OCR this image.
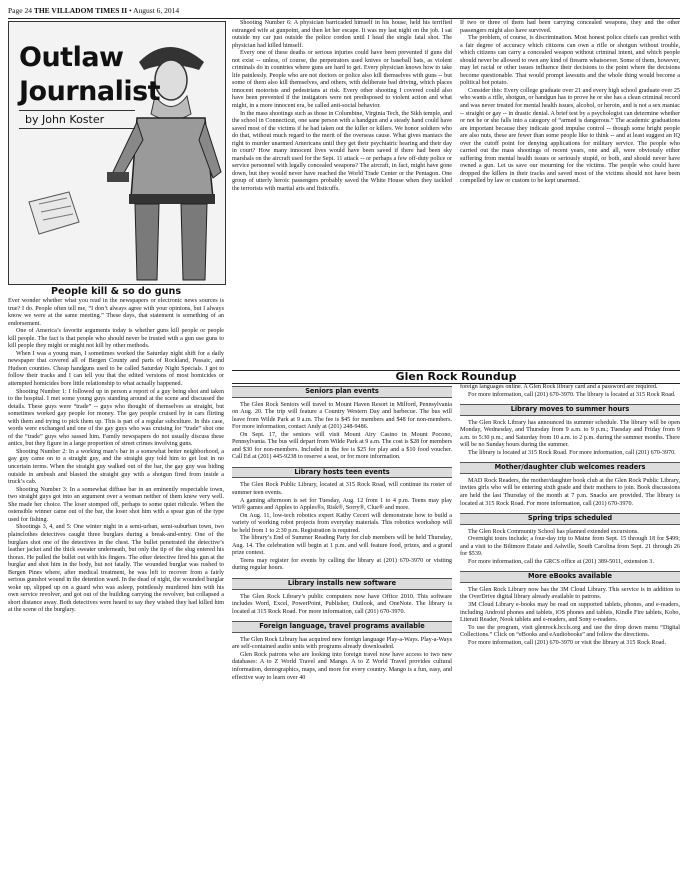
Page 24 THE VILLADOM TIMES II • August 6, 2014
Outlaw
Journalist
by John Koster
People kill & so do guns

Ever wonder whether what you read in the newspapers or electronic news sources is true? I do. People often tell me, “I don’t always agree with your opinions, but I always know we were at the same meeting.” These days, that statement is something of an endorsement.

One of America’s favorite arguments today is whether guns kill people or people kill people. The fact is that people who should never be trusted with a gun use guns to kill people they might or might not kill by other methods.

When I was a young man, I sometimes worked the Saturday night shift for a daily newspaper that covered all of Bergen County and parts of Rockland, Passaic, and Hudson counties. Cheap handguns used to be called Saturday Night Specials. I got to follow their tracks and I can tell you that the edited versions of most homicides or attempted homicides bore little relationship to what actually happened.

Shooting Number 1: I followed up in person a report of a guy being shot and taken to the hospital. I met some young guys standing around at the scene and discussed the details. These guys were “trade” -- guys who thought of themselves as straight, but sometimes worked gay people for money. The gay people cruised by in cars flirting with them and trying to pick them up. This is part of a regular subculture. In this case, words were exchanged and one of the gay guys who was cruising for “trade” shot one of the “trade” guys who sassed him. Family newspapers do not usually discuss these antics, but they figure in a large proportion of street crimes involving guns.

Shooting Number 2: In a working man’s bar in a somewhat better neighborhood, a gay guy came on to a straight guy, and the straight guy told him to get lost in no uncertain terms. When the straight guy walked out of the bar, the gay guy was hiding outside in ambush and blasted the straight guy with a shotgun fired from inside a truck’s cab.

Shooting Number 3: In a somewhat diffuse bar in an eminently respectable town, two straight guys got into an argument over a woman neither of them knew very well. She made her choice. The loser stomped off, perhaps to some quiet ridicule. When the ostensible winner came out of the bar, the loser shot him with a spear gun of the type used for fishing.

Shootings 3, 4, and 5: One winter night in a semi-urban, semi-suburban town, two plainclothes detectives caught three burglars during a break-and-entry. One of the burglars shot one of the detectives in the chest. The bullet penetrated the detective’s leather jacket and the thick sweater underneath, but only the tip of the slug entered his thorax. He pulled the bullet out with his fingers. The other detective fired his gun at the burglar and shot him in the body, but not fatally. The wounded burglar was rushed to Bergen Pines where, after medical treatment, he was left to recover from a fairly serious gunshot wound in the detention ward. In the dead of night, the wounded burglar woke up, slipped up on a guard who was asleep, pointlessly murdered him with his own service revolver, and got out of the building carrying the revolver, but collapsed a short distance away. Both detectives were heard to say they wished they had killed him at the scene of the burglary.

Shooting Number 6: A physician barricaded himself in his house, held his terrified estranged wife at gunpoint, and then let her escape. It was my last night on the job. I sat outside my car just outside the police cordon until I head the single fatal shot. The physician had killed himself.

Every one of these deaths or serious injuries could have been prevented if guns did not exist -- unless, of course, the perpetrators used knives or baseball bats, as violent criminals do in countries where guns are hard to get. Every physician knows how to take life painlessly. People who are not doctors or police also kill themselves with guns -- but some of them also kill themselves, and others, with deliberate bad driving, which places innocent motorists and pedestrians at risk. Every other shooting I covered could also have been prevented if the instigators were not predisposed to violent action and what might, in a more innocent era, be called anti-social behavior.

In the mass shootings such as those in Columbine, Virginia Tech, the Sikh temple, and the school in Connecticut, one sane person with a handgun and a steady hand could have saved most of the victims if he had taken out the killer or killers. We honor soldiers who do that, without much regard to the merit of the overseas cause. What gives maniacs the right to murder unarmed Americans until they get their psychiatric hearing and their day in court? How many innocent lives would have been saved if there had been sky marshals on the aircraft used for the Sept. 11 attack -- or perhaps a few off-duty police or service personnel with legally concealed weapons? The aircraft, in fact, might have gone down, but they would never have reached the World Trade Center or the Pentagon. One group of utterly heroic passengers probably saved the White House when they tackled the terrorists with martial arts and fisticuffs.

If two or three of them had been carrying concealed weapons, they and the other passengers might also have survived.

The problem, of course, is discrimination. Most honest police chiefs can predict with a fair degree of accuracy which citizens can own a rifle or shotgun without trouble, which citizens can carry a concealed weapon without criminal intent, and which people should never be allowed to own any kind of firearm whatsoever. Some of them, however, may let racial or other issues influence their decisions to the point where the decisions become questionable. That would prompt lawsuits and the whole thing would become a political hot potato.

Consider this: Every college graduate over 21 and every high school graduate over 25 who wants a rifle, shotgun, or handgun has to prove he or she has a clean criminal record and was never treated for mental health issues, alcohol, or heroin, and is not a sex maniac -- straight or gay -- in drastic denial. A brief test by a psychologist can determine whether or not he or she falls into a category of “armed is dangerous.” The academic graduations are important because they indicate good impulse control -- though some bright people are also nuts, these are fewer than some people like to think -- and at least suggest an IQ over the cutoff point for denying applications for military service. The people who carried out the mass shootings of recent years, one and all, were obviously either suffering from mental health issues or seriously stupid, or both, and should never have owned a gun. Let us save our mourning for the victims. The people who could have dropped the killers in their tracks and saved most of the victims should not have been compelled by law or custom to be kept unarmed.

Glen Rock Roundup
Seniors plan events

The Glen Rock Seniors will travel to Mount Haven Resort in Milford, Pennsylvania on Aug. 20. The trip will feature a Country Western Day and barbecue. The bus will leave from Wilde Park at 9 a.m. The fee is $45 for members and $48 for non-members. For more information, contact Andy at (201) 248-9486.

On Sept. 17, the seniors will visit Mount Airy Casino in Mount Pocono, Pennsylvania. The bus will depart from Wilde Park at 9 a.m. The cost is $28 for members and $30 for non-members. Included in the fee is $25 for play and a $10 food voucher. Call Ed at (201) 445-9238 to reserve a seat, or for more information.

Library hosts teen events

The Glen Rock Public Library, located at 315 Rock Road, will continue its roster of summer teen events.

A gaming afternoon is set for Tuesday, Aug. 12 from 1 to 4 p.m. Teens may play Wii® games and Apples to Apples®s, Risk®, Sorry®, Clue® and more.

On Aug. 11, low-tech robotics expert Kathy Ceceri will demonstrate how to build a variety of working robot projects from everyday materials. This robotics workshop will be held from 1 to 2:30 p.m. Registration is required.

The library’s End of Summer Reading Party for club members will be held Thursday, Aug. 14. The celebration will begin at 1 p.m. and will feature food, prizes, and a grand prize contest.

Teens may register for events by calling the library at (201) 670-3970 or visiting during regular hours.

Library installs new software

The Glen Rock Library’s public computers now have Office 2010. This software includes Word, Excel, PowerPoint, Publisher, Outlook, and OneNote. The library is located at 315 Rock Road. For more information, call (201) 670-3970.

Foreign language, travel programs available

The Glen Rock Library has acquired new foreign language Play-a-Ways. Play-a-Ways are self-contained audio units with programs already downloaded.

Glen Rock patrons who are looking into foreign travel now have access to two new databases: A to Z World Travel and Mango. A to Z World Travel provides cultural information, demographics, maps, and more for every country. Mango is a fun, easy, and effective way to learn over 40

foreign languages online. A Glen Rock library card and a password are required.

For more information, call (201) 670-3970. The library is located at 315 Rock Road.

Library moves to summer hours

The Glen Rock Library has announced its summer schedule. The library will be open Monday, Wednesday, and Thursday from 9 a.m. to 9 p.m.; Tuesday and Friday from 9 a.m. to 5:30 p.m.; and Saturday from 10 a.m. to 2 p.m. during the summer months. There will be no Sunday hours during the summer.

The library is located at 315 Rock Road. For more information, call (201) 670-3970.

Mother/daughter club welcomes readers

MAD Rock Readers, the mother/daughter book club at the Glen Rock Public Library, invites girls who will be entering sixth grade and their mothers to join. Book discussions are held the last Thursday of the month at 7 p.m. Snacks are provided. The library is located at 315 Rock Road. For more information, call (201) 670-3970.

Spring trips scheduled

The Glen Rock Community School has planned extended excursions.

Overnight tours include; a four-day trip to Maine from Sept. 15 through 18 for $499; and a visit to the Biltmore Estate and Ashville, South Carolina from Sept. 21 through 26 for $539.

For more information, call the GRCS office at (201) 389-5011, extension 3.

More eBooks available

The Glen Rock Library now has the 3M Cloud Library. This service is in addition to the OverDrive digital library already available to patrons.

3M Cloud Library e-books may be read on supported tablets, phones, and e-readers, including Android phones and tablets, iOS phones and tablets, Kindle Fire tablets, Kobo, Literati Reader, Nook tablets and e-readers, and Sony e-readers.

To use the program, visit glenrock.bccls.org and use the drop down menu “Digital Collections.” Click on “eBooks and eAudiobooks” and follow the directions.

For more information, call (201) 670-3970 or visit the library at 315 Rock Road.
